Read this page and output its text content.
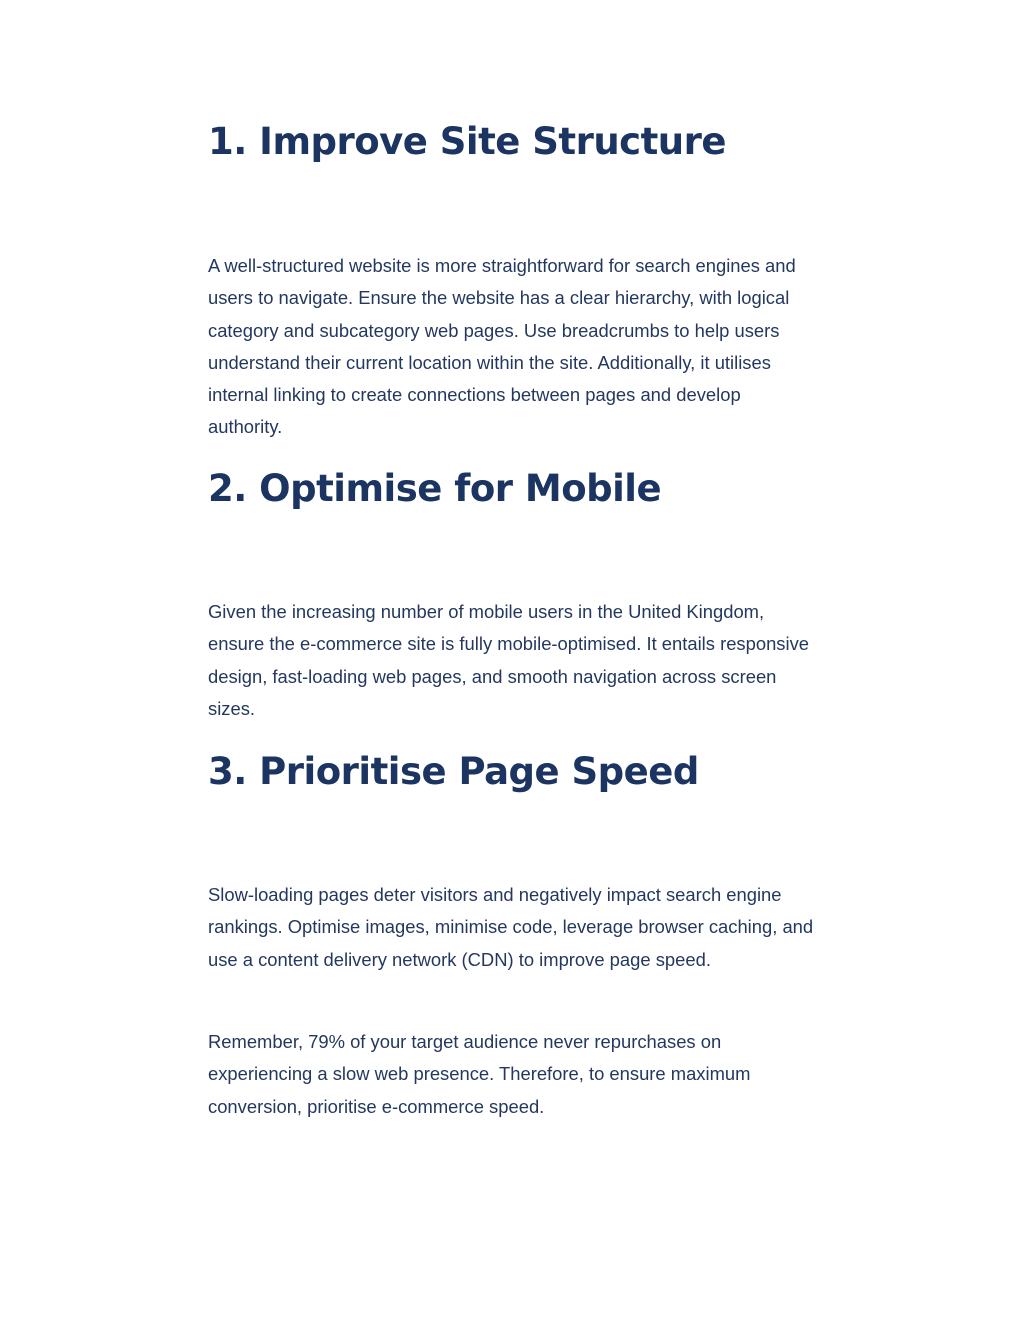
1. Improve Site Structure

A well-structured website is more straightforward for search engines and users to navigate. Ensure the website has a clear hierarchy, with logical category and subcategory web pages. Use breadcrumbs to help users understand their current location within the site. Additionally, it utilises internal linking to create connections between pages and develop authority.

2. Optimise for Mobile

Given the increasing number of mobile users in the United Kingdom, ensure the e-commerce site is fully mobile-optimised. It entails responsive design, fast-loading web pages, and smooth navigation across screen sizes.

3. Prioritise Page Speed

Slow-loading pages deter visitors and negatively impact search engine rankings. Optimise images, minimise code, leverage browser caching, and use a content delivery network (CDN) to improve page speed.

Remember, 79% of your target audience never repurchases on experiencing a slow web presence. Therefore, to ensure maximum conversion, prioritise e-commerce speed.
